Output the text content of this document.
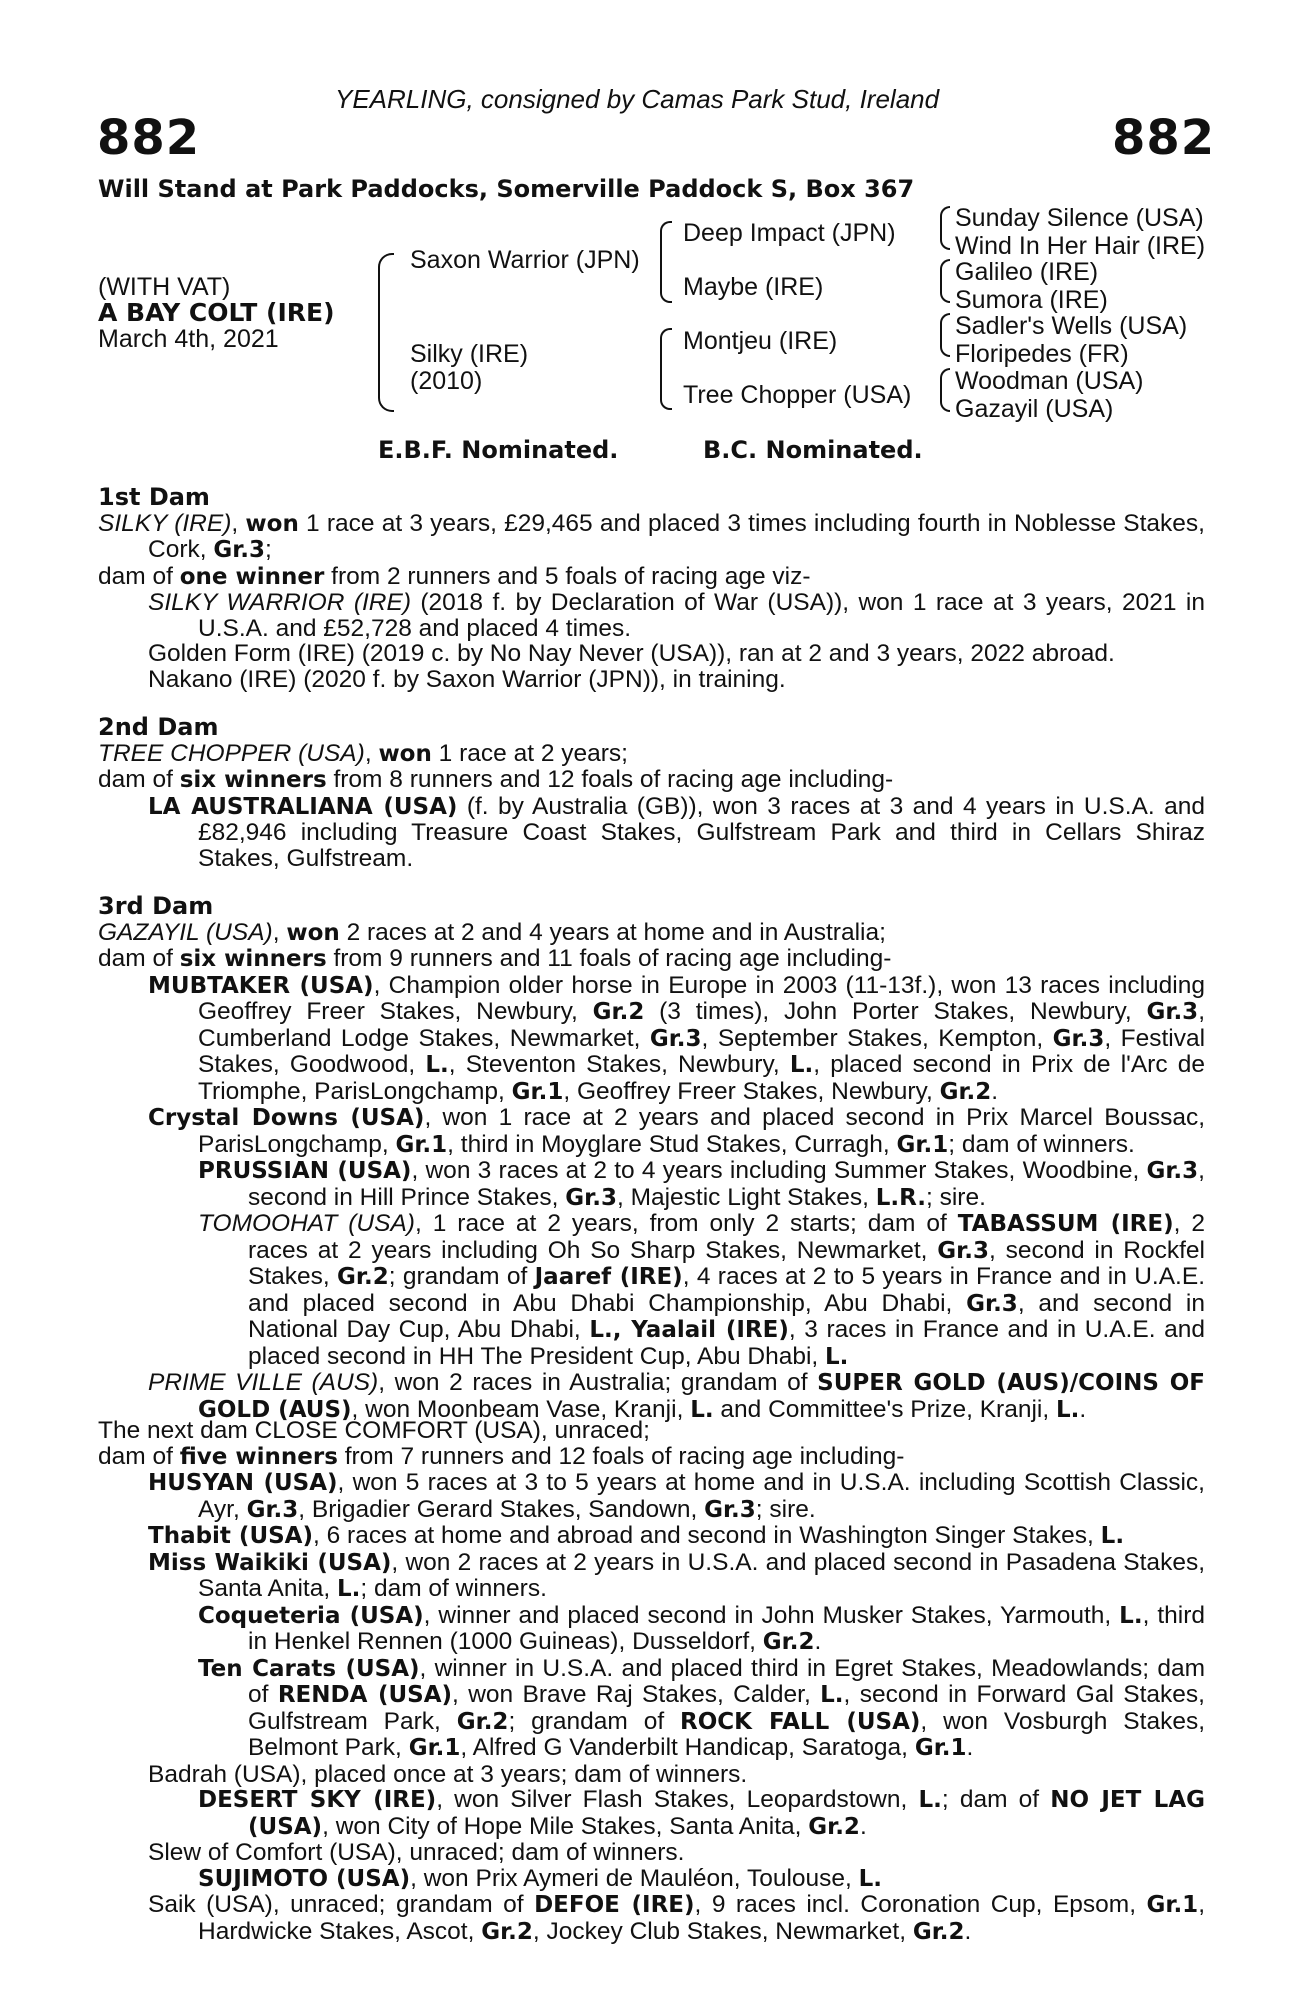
YEARLING, consigned by Camas Park Stud, Ireland
882	882
Will Stand at Park Paddocks, Somerville Paddock S, Box 367
(WITH VAT)
A BAY COLT (IRE)
March 4th, 2021
Saxon Warrior (JPN)
Silky (IRE)
(2010)
Deep Impact (JPN)
Maybe (IRE)
Montjeu (IRE)
Tree Chopper (USA)
Sunday Silence (USA)
Wind In Her Hair (IRE)
Galileo (IRE)
Sumora (IRE)
Sadler's Wells (USA)
Floripedes (FR)
Woodman (USA)
Gazayil (USA)
E.B.F. Nominated.	B.C. Nominated.

1st Dam

SILKY (IRE), won 1 race at 3 years, £29,465 and placed 3 times including fourth in Noblesse Stakes, Cork, Gr.3;

dam of one winner from 2 runners and 5 foals of racing age viz-

SILKY WARRIOR (IRE) (2018 f. by Declaration of War (USA)), won 1 race at 3 years, 2021 in U.S.A. and £52,728 and placed 4 times.

Golden Form (IRE) (2019 c. by No Nay Never (USA)), ran at 2 and 3 years, 2022 abroad.

Nakano (IRE) (2020 f. by Saxon Warrior (JPN)), in training.

2nd Dam

TREE CHOPPER (USA), won 1 race at 2 years;

dam of six winners from 8 runners and 12 foals of racing age including-

LA AUSTRALIANA (USA) (f. by Australia (GB)), won 3 races at 3 and 4 years in U.S.A. and £82,946 including Treasure Coast Stakes, Gulfstream Park and third in Cellars Shiraz Stakes, Gulfstream.

3rd Dam

GAZAYIL (USA), won 2 races at 2 and 4 years at home and in Australia;

dam of six winners from 9 runners and 11 foals of racing age including-

MUBTAKER (USA), Champion older horse in Europe in 2003 (11-13f.), won 13 races including Geoffrey Freer Stakes, Newbury, Gr.2 (3 times), John Porter Stakes, Newbury, Gr.3, Cumberland Lodge Stakes, Newmarket, Gr.3, September Stakes, Kempton, Gr.3, Festival Stakes, Goodwood, L., Steventon Stakes, Newbury, L., placed second in Prix de l'Arc de Triomphe, ParisLongchamp, Gr.1, Geoffrey Freer Stakes, Newbury, Gr.2.

Crystal Downs (USA), won 1 race at 2 years and placed second in Prix Marcel Boussac, ParisLongchamp, Gr.1, third in Moyglare Stud Stakes, Curragh, Gr.1; dam of winners.

PRUSSIAN (USA), won 3 races at 2 to 4 years including Summer Stakes, Woodbine, Gr.3, second in Hill Prince Stakes, Gr.3, Majestic Light Stakes, L.R.; sire.

TOMOOHAT (USA), 1 race at 2 years, from only 2 starts; dam of TABASSUM (IRE), 2 races at 2 years including Oh So Sharp Stakes, Newmarket, Gr.3, second in Rockfel Stakes, Gr.2; grandam of Jaaref (IRE), 4 races at 2 to 5 years in France and in U.A.E. and placed second in Abu Dhabi Championship, Abu Dhabi, Gr.3, and second in National Day Cup, Abu Dhabi, L., Yaalail (IRE), 3 races in France and in U.A.E. and placed second in HH The President Cup, Abu Dhabi, L.

PRIME VILLE (AUS), won 2 races in Australia; grandam of SUPER GOLD (AUS)/COINS OF GOLD (AUS), won Moonbeam Vase, Kranji, L. and Committee's Prize, Kranji, L..

The next dam CLOSE COMFORT (USA), unraced;

dam of five winners from 7 runners and 12 foals of racing age including-

HUSYAN (USA), won 5 races at 3 to 5 years at home and in U.S.A. including Scottish Classic, Ayr, Gr.3, Brigadier Gerard Stakes, Sandown, Gr.3; sire.

Thabit (USA), 6 races at home and abroad and second in Washington Singer Stakes, L.

Miss Waikiki (USA), won 2 races at 2 years in U.S.A. and placed second in Pasadena Stakes, Santa Anita, L.; dam of winners.

Coqueteria (USA), winner and placed second in John Musker Stakes, Yarmouth, L., third in Henkel Rennen (1000 Guineas), Dusseldorf, Gr.2.

Ten Carats (USA), winner in U.S.A. and placed third in Egret Stakes, Meadowlands; dam of RENDA (USA), won Brave Raj Stakes, Calder, L., second in Forward Gal Stakes, Gulfstream Park, Gr.2; grandam of ROCK FALL (USA), won Vosburgh Stakes, Belmont Park, Gr.1, Alfred G Vanderbilt Handicap, Saratoga, Gr.1.

Badrah (USA), placed once at 3 years; dam of winners.

DESERT SKY (IRE), won Silver Flash Stakes, Leopardstown, L.; dam of NO JET LAG (USA), won City of Hope Mile Stakes, Santa Anita, Gr.2.

Slew of Comfort (USA), unraced; dam of winners.

SUJIMOTO (USA), won Prix Aymeri de Mauléon, Toulouse, L.

Saik (USA), unraced; grandam of DEFOE (IRE), 9 races incl. Coronation Cup, Epsom, Gr.1, Hardwicke Stakes, Ascot, Gr.2, Jockey Club Stakes, Newmarket, Gr.2.
